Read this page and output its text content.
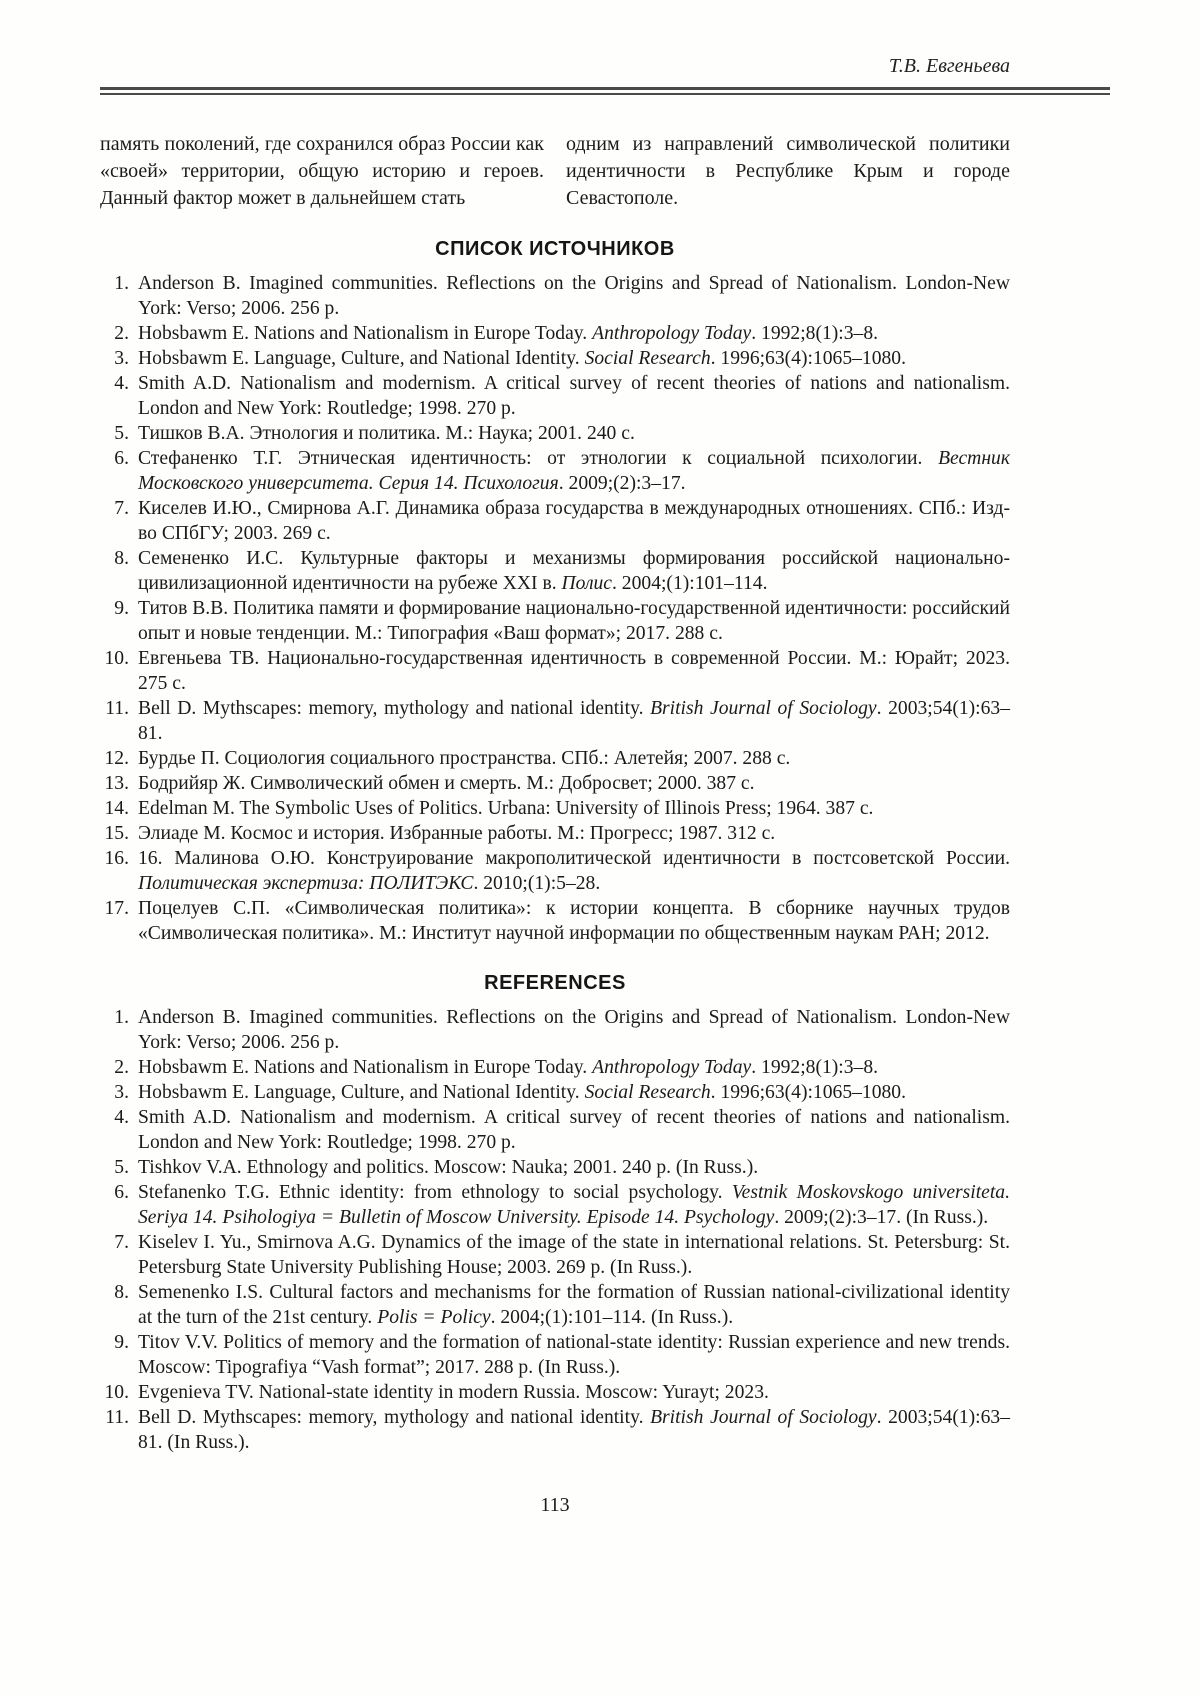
Т.В. Евгеньева

память поколений, где сохранился образ России как «своей» территории, общую историю и героев. Данный фактор может в дальнейшем стать

одним из направлений символической политики идентичности в Республике Крым и городе Севастополе.

СПИСОК ИСТОЧНИКОВ
1. Anderson B. Imagined communities. Reflections on the Origins and Spread of Nationalism. London-New York: Verso; 2006. 256 p.
2. Hobsbawm E. Nations and Nationalism in Europe Today. Anthropology Today. 1992;8(1):3–8.
3. Hobsbawm E. Language, Culture, and National Identity. Social Research. 1996;63(4):1065–1080.
4. Smith A.D. Nationalism and modernism. A critical survey of recent theories of nations and nationalism. London and New York: Routledge; 1998. 270 p.
5. Тишков В.А. Этнология и политика. М.: Наука; 2001. 240 с.
6. Стефаненко Т.Г. Этническая идентичность: от этнологии к социальной психологии. Вестник Московского университета. Серия 14. Психология. 2009;(2):3–17.
7. Киселев И.Ю., Смирнова А.Г. Динамика образа государства в международных отношениях. СПб.: Изд-во СПбГУ; 2003. 269 с.
8. Семененко И.С. Культурные факторы и механизмы формирования российской национально-цивилизационной идентичности на рубеже XXI в. Полис. 2004;(1):101–114.
9. Титов В.В. Политика памяти и формирование национально-государственной идентичности: российский опыт и новые тенденции. М.: Типография «Ваш формат»; 2017. 288 с.
10. Евгеньева ТВ. Национально-государственная идентичность в современной России. М.: Юрайт; 2023. 275 с.
11. Bell D. Mythscapes: memory, mythology and national identity. British Journal of Sociology. 2003;54(1):63–81.
12. Бурдье П. Социология социального пространства. СПб.: Алетейя; 2007. 288 с.
13. Бодрийяр Ж. Символический обмен и смерть. М.: Добросвет; 2000. 387 с.
14. Edelman M. The Symbolic Uses of Politics. Urbana: University of Illinois Press; 1964. 387 с.
15. Элиаде М. Космос и история. Избранные работы. М.: Прогресс; 1987. 312 с.
16. 16. Малинова О.Ю. Конструирование макрополитической идентичности в постсоветской России. Политическая экспертиза: ПОЛИТЭКС. 2010;(1):5–28.
17. Поцелуев С.П. «Символическая политика»: к истории концепта. В сборнике научных трудов «Символическая политика». М.: Институт научной информации по общественным наукам РАН; 2012.
REFERENCES
1. Anderson B. Imagined communities. Reflections on the Origins and Spread of Nationalism. London-New York: Verso; 2006. 256 p.
2. Hobsbawm E. Nations and Nationalism in Europe Today. Anthropology Today. 1992;8(1):3–8.
3. Hobsbawm E. Language, Culture, and National Identity. Social Research. 1996;63(4):1065–1080.
4. Smith A.D. Nationalism and modernism. A critical survey of recent theories of nations and nationalism. London and New York: Routledge; 1998. 270 p.
5. Tishkov V.A. Ethnology and politics. Moscow: Nauka; 2001. 240 p. (In Russ.).
6. Stefanenko T.G. Ethnic identity: from ethnology to social psychology. Vestnik Moskovskogo universiteta. Seriya 14. Psihologiya = Bulletin of Moscow University. Episode 14. Psychology. 2009;(2):3–17. (In Russ.).
7. Kiselev I. Yu., Smirnova A.G. Dynamics of the image of the state in international relations. St. Petersburg: St. Petersburg State University Publishing House; 2003. 269 p. (In Russ.).
8. Semenenko I.S. Cultural factors and mechanisms for the formation of Russian national-civilizational identity at the turn of the 21st century. Polis = Policy. 2004;(1):101–114. (In Russ.).
9. Titov V.V. Politics of memory and the formation of national-state identity: Russian experience and new trends. Moscow: Tipografiya “Vash format”; 2017. 288 p. (In Russ.).
10. Evgenieva TV. National-state identity in modern Russia. Moscow: Yurayt; 2023.
11. Bell D. Mythscapes: memory, mythology and national identity. British Journal of Sociology. 2003;54(1):63–81. (In Russ.).
113
